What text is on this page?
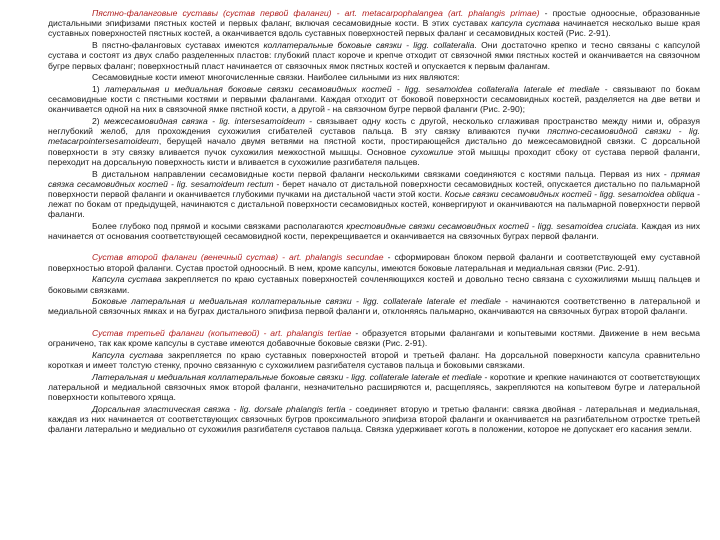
Пястно-фаланговые суставы (сустав первой фаланги) - art. metacarpophalangea (art. phalangis primae) - простые одноосные, образованные дистальными эпифизами пястных костей и первых фаланг, включая сесамовидные кости. В этих суставах капсула сустава начинается несколько выше края суставных поверхностей пястных костей, а оканчивается вдоль суставных поверхностей первых фаланг и сесамовидных костей (Рис. 2-91).

В пястно-фаланговых суставах имеются коллатеральные боковые связки - ligg. collateralia. Они достаточно крепко и тесно связаны с капсулой сустава и состоят из двух слабо разделенных пластов: глубокий пласт короче и крепче отходит от связочной ямки пястных костей и оканчивается на связочном бугре первых фаланг; поверхностный пласт начинается от связочных ямок пястных костей и опускается к первым фалангам.

Сесамовидные кости имеют многочисленные связки. Наиболее сильными из них являются:

1) латеральная и медиальная боковые связки сесамовидных костей - ligg. sesamoidea collateralia laterale et mediale - связывают по бокам сесамовидные кости с пястными костями и первыми фалангами. Каждая отходит от боковой поверхности сесамовидных костей, разделяется на две ветви и оканчивается одной на них в связочной ямке пястной кости, а другой - на связочном бугре первой фаланги (Рис. 2-90);

2) межсесамовидная связка - lig. intersesamoideum - связывает одну кость с другой, несколько сглаживая пространство между ними и, образуя неглубокий желоб, для прохождения сухожилия сгибателей суставов пальца. В эту связку вливаются пучки пястно-сесамовидной связки - lig. metacarpointersesamoideum, берущей начало двумя ветвями на пястной кости, простирающейся дистально до межсесамовидной связки. С дорсальной поверхности в эту связку вливается пучок сухожилия межкостной мышцы. Основное сухожилие этой мышцы проходит сбоку от сустава первой фаланги, переходит на дорсальную поверхность кисти и вливается в сухожилие разгибателя пальцев.

В дистальном направлении сесамовидные кости первой фаланги несколькими связками соединяются с костями пальца. Первая из них - прямая связка сесамовидных костей - lig. sesamoideum rectum - берет начало от дистальной поверхности сесамовидных костей, опускается дистально по пальмарной поверхности первой фаланги и оканчивается глубокими пучками на дистальной части этой кости. Косые связки сесамовидных костей - ligg. sesamoidea obliqua - лежат по бокам от предыдущей, начинаются с дистальной поверхности сесамовидных костей, конвергируют и оканчиваются на пальмарной поверхности первой фаланги.

Более глубоко под прямой и косыми связками располагаются крестовидные связки сесамовидных костей - ligg. sesamoidea cruciata. Каждая из них начинается от основания соответствующей сесамовидной кости, перекрещивается и оканчивается на связочных буграх первой фаланги.

Сустав второй фаланги (венечный сустав) - art. phalangis secundae - сформирован блоком первой фаланги и соответствующей ему суставной поверхностью второй фаланги. Сустав простой одноосный. В нем, кроме капсулы, имеются боковые латеральная и медиальная связки (Рис. 2-91).

Капсула сустава закрепляется по краю суставных поверхностей сочленяющихся костей и довольно тесно связана с сухожилиями мышц пальцев и боковыми связками.

Боковые латеральная и медиальная коллатеральные связки - ligg. collaterale laterale et mediale - начинаются соответственно в латеральной и медиальной связочных ямках и на буграх дистального эпифиза первой фаланги и, отклоняясь пальмарно, оканчиваются на связочных буграх второй фаланги.

Сустав третьей фаланги (копытевой) - art. phalangis tertiae - образуется вторыми фалангами и копытевыми костями. Движение в нем весьма ограничено, так как кроме капсулы в суставе имеются добавочные боковые связки (Рис. 2-91).

Капсула сустава закрепляется по краю суставных поверхностей второй и третьей фаланг. На дорсальной поверхности капсула сравнительно короткая и имеет толстую стенку, прочно связанную с сухожилием разгибателя суставов пальца и боковыми связками.

Латеральная и медиальная коллатеральные боковые связки - ligg. collaterale laterale et mediale - короткие и крепкие начинаются от соответствующих латеральной и медиальной связочных ямок второй фаланги, незначительно расширяются и, расщепляясь, закрепляются на копытевом бугре и латеральной поверхности копытевого хряща.

Дорсальная эластическая связка - lig. dorsale phalangis tertia - соединяет вторую и третью фаланги: связка двойная - латеральная и медиальная, каждая из них начинается от соответствующих связочных бугров проксимального эпифиза второй фаланги и оканчивается на разгибательном отростке третьей фаланги латерально и медиально от сухожилия разгибателя суставов пальца. Связка удерживает коготь в положении, которое не допускает его касания земли.
